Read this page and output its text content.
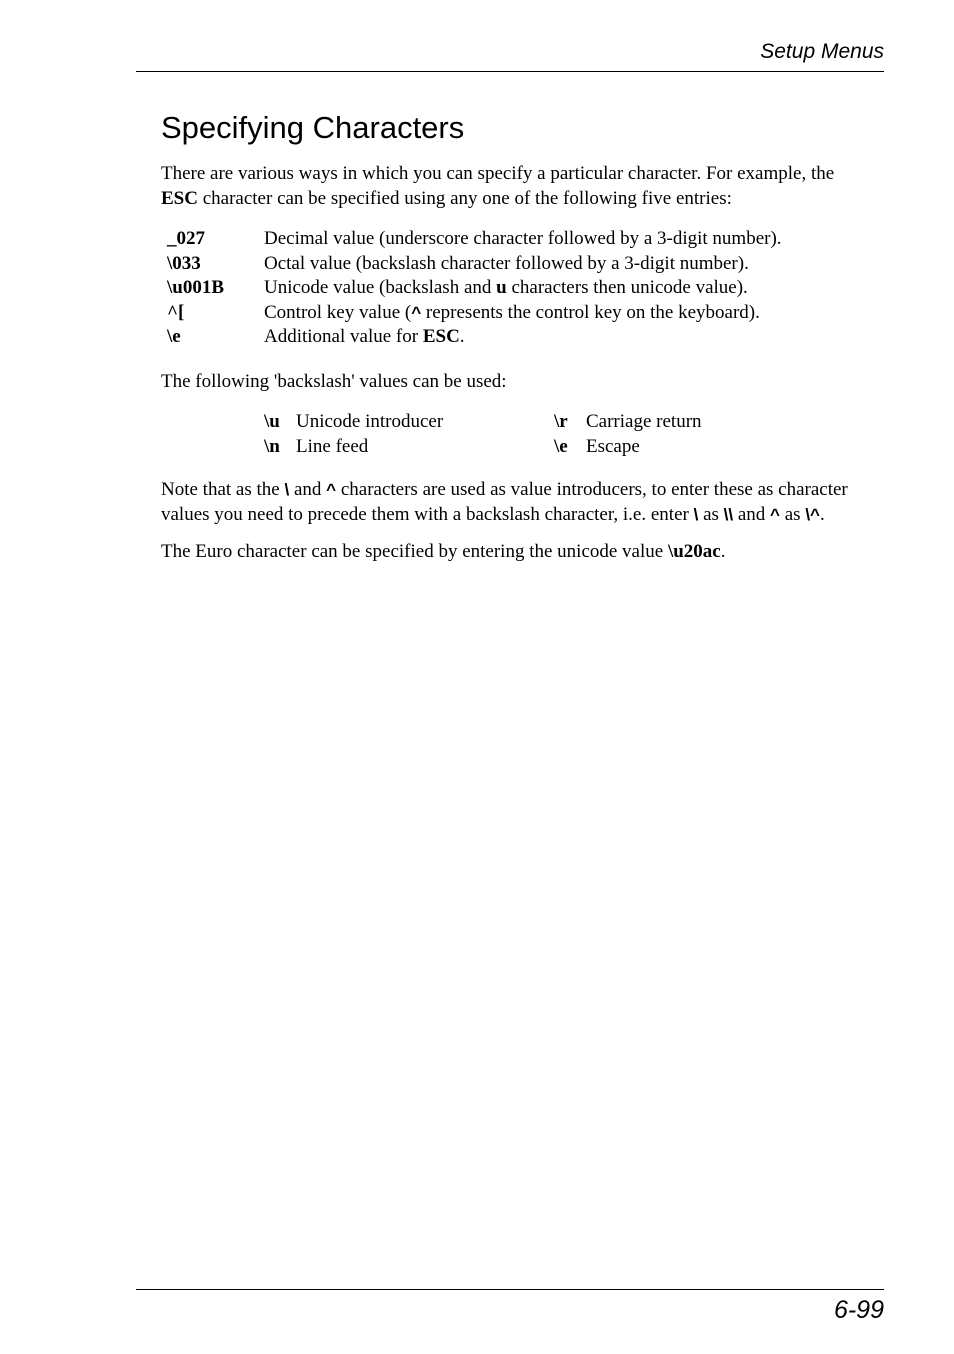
Setup Menus
Specifying Characters

There are various ways in which you can specify a particular character. For example, the ESC character can be specified using any one of the following five entries:

_027	Decimal value (underscore character followed by a 3-digit number).
\033	Octal value (backslash character followed by a 3-digit number).
\u001B	Unicode value (backslash and u characters then unicode value).
^[	Control key value (^ represents the control key on the keyboard).
\e	Additional value for ESC.

The following 'backslash' values can be used:

\u Unicode introducer	\r Carriage return
\n Line feed	\e Escape

Note that as the \ and ^ characters are used as value introducers, to enter these as character values you need to precede them with a backslash character, i.e. enter \ as \\ and ^ as \^.

The Euro character can be specified by entering the unicode value \u20ac.

6-99
